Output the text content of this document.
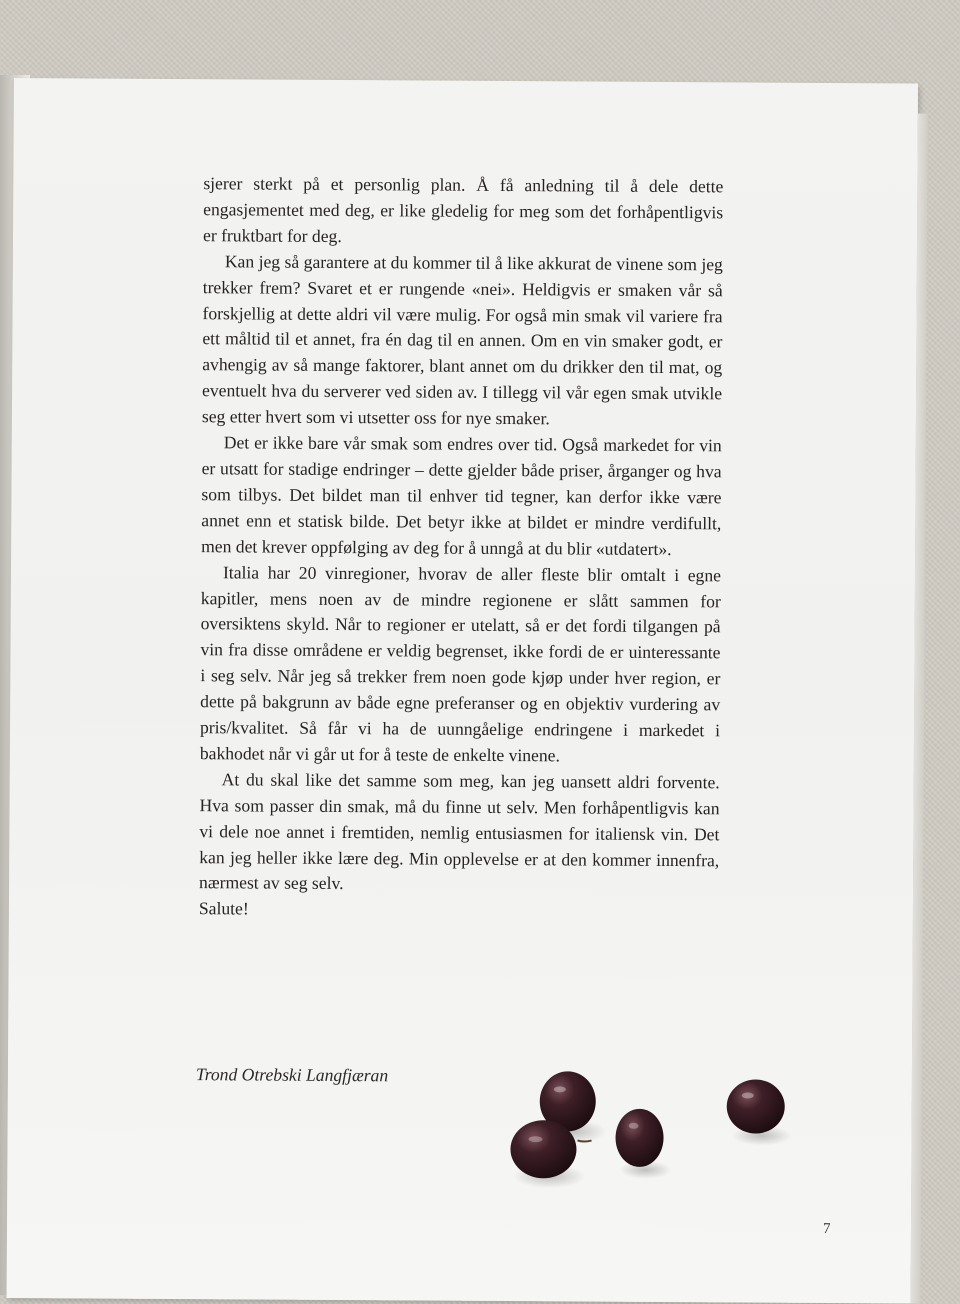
sjerer sterkt på et personlig plan. Å få anledning til å dele dette engasjementet med deg, er like gledelig for meg som det forhåpentligvis er fruktbart for deg.

Kan jeg så garantere at du kommer til å like akkurat de vinene som jeg trekker frem? Svaret et er rungende «nei». Heldigvis er smaken vår så forskjellig at dette aldri vil være mulig. For også min smak vil variere fra ett måltid til et annet, fra én dag til en annen. Om en vin smaker godt, er avhengig av så mange faktorer, blant annet om du drikker den til mat, og eventuelt hva du serverer ved siden av. I tillegg vil vår egen smak utvikle seg etter hvert som vi utsetter oss for nye smaker.

Det er ikke bare vår smak som endres over tid. Også markedet for vin er utsatt for stadige endringer – dette gjelder både priser, årganger og hva som tilbys. Det bildet man til enhver tid tegner, kan derfor ikke være annet enn et statisk bilde. Det betyr ikke at bildet er mindre verdifullt, men det krever oppfølging av deg for å unngå at du blir «utdatert».

Italia har 20 vinregioner, hvorav de aller fleste blir omtalt i egne kapitler, mens noen av de mindre regionene er slått sammen for oversiktens skyld. Når to regioner er utelatt, så er det fordi tilgangen på vin fra disse områdene er veldig begrenset, ikke fordi de er uinteressante i seg selv. Når jeg så trekker frem noen gode kjøp under hver region, er dette på bakgrunn av både egne preferanser og en objektiv vurdering av pris/kvalitet. Så får vi ha de uunngåelige endringene i markedet i bakhodet når vi går ut for å teste de enkelte vinene.

At du skal like det samme som meg, kan jeg uansett aldri forvente. Hva som passer din smak, må du finne ut selv. Men forhåpentligvis kan vi dele noe annet i fremtiden, nemlig entusiasmen for italiensk vin. Det kan jeg heller ikke lære deg. Min opplevelse er at den kommer innenfra, nærmest av seg selv.

Salute!

Trond Otrebski Langfjæran
7
